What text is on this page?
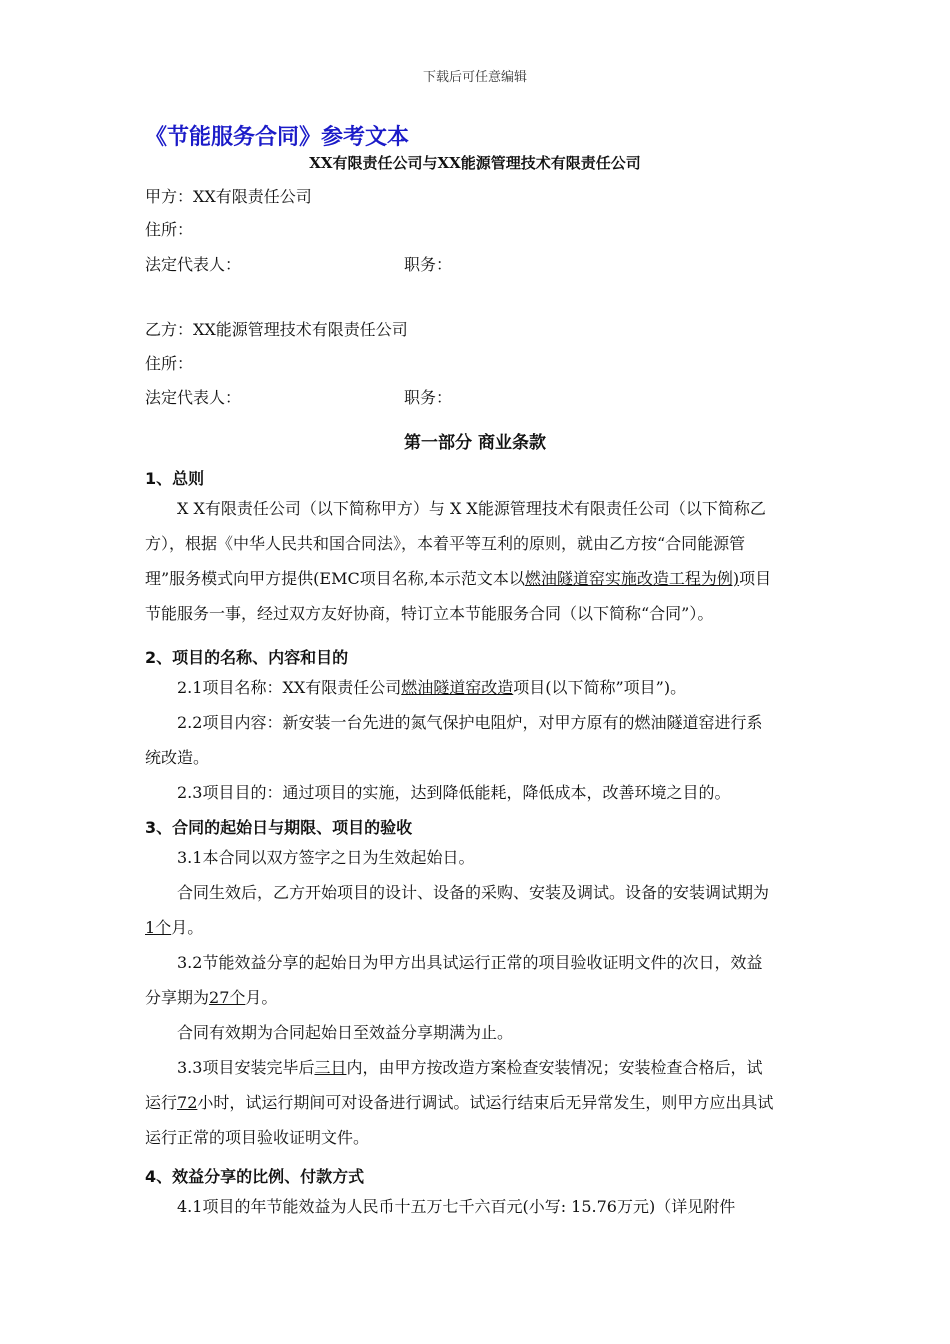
下载后可任意编辑
《节能服务合同》参考文本
XX有限责任公司与XX能源管理技术有限责任公司
甲方：XX有限责任公司
住所：
法定代表人：	职务：
乙方：XX能源管理技术有限责任公司
住所：
法定代表人：	职务：
第一部分 商业条款
1、总则
X X有限责任公司（以下简称甲方）与 X X能源管理技术有限责任公司（以下简称乙
方），根据《中华人民共和国合同法》，本着平等互利的原则，就由乙方按“合同能源管
理”服务模式向甲方提供(EMC项目名称,本示范文本以燃油隧道窑实施改造工程为例)项目
节能服务一事，经过双方友好协商，特订立本节能服务合同（以下简称“合同”）。
2、项目的名称、内容和目的
2.1项目名称：XX有限责任公司燃油隧道窑改造项目(以下简称”项目”)。
2.2项目内容：新安装一台先进的氮气保护电阻炉，对甲方原有的燃油隧道窑进行系
统改造。
2.3项目目的：通过项目的实施，达到降低能耗，降低成本，改善环境之目的。
3、合同的起始日与期限、项目的验收
3.1本合同以双方签字之日为生效起始日。
合同生效后，乙方开始项目的设计、设备的采购、安装及调试。设备的安装调试期为
1个月。
3.2节能效益分享的起始日为甲方出具试运行正常的项目验收证明文件的次日，效益
分享期为27个月。
合同有效期为合同起始日至效益分享期满为止。
3.3项目安装完毕后三日内，由甲方按改造方案检查安装情况；安装检查合格后，试
运行72小时，试运行期间可对设备进行调试。试运行结束后无异常发生，则甲方应出具试
运行正常的项目验收证明文件。
4、效益分享的比例、付款方式
4.1项目的年节能效益为人民币十五万七千六百元(小写: 15.76万元)（详见附件
